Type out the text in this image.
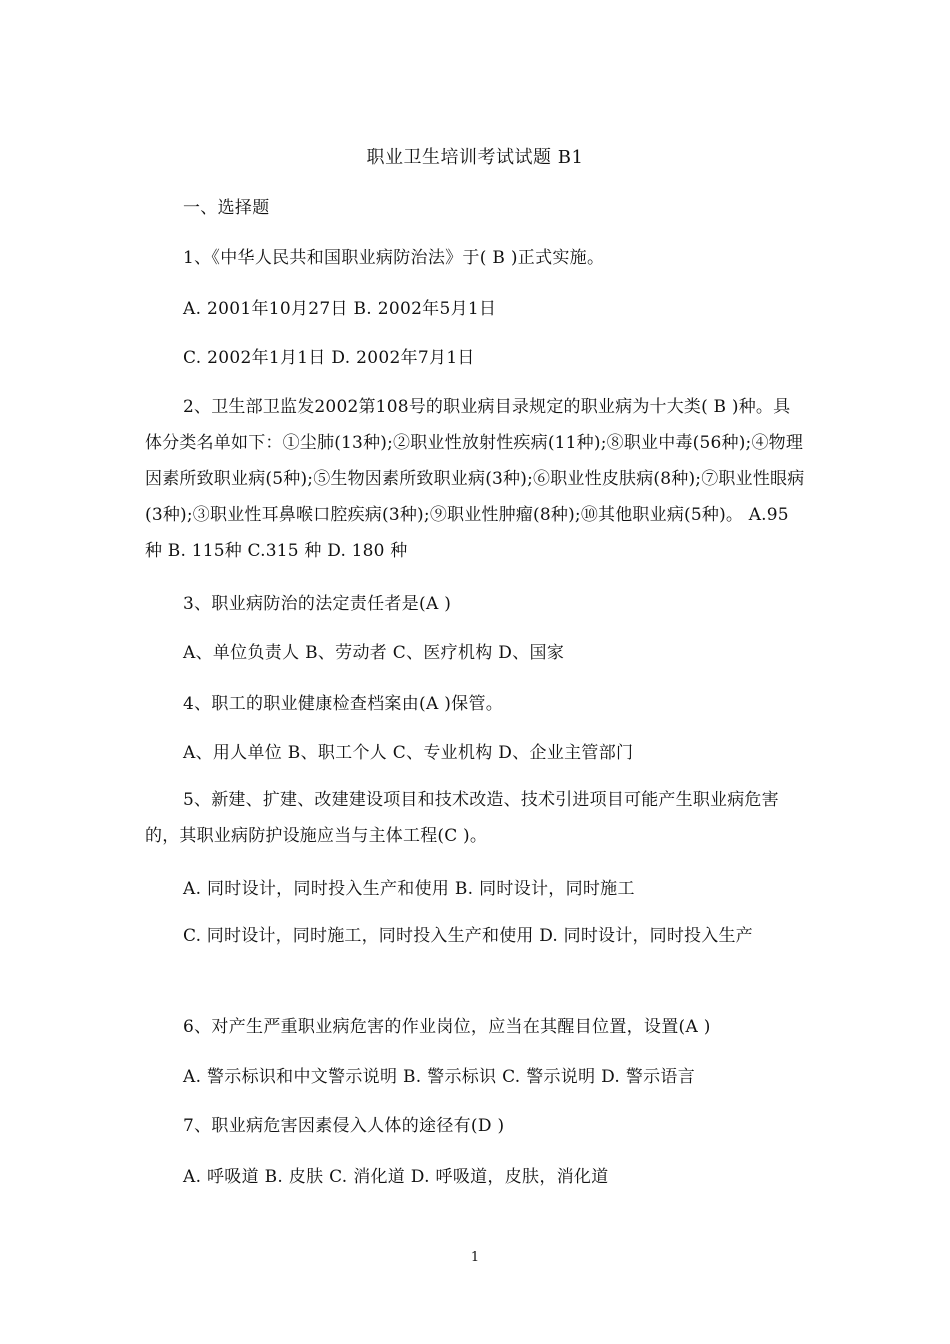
职业卫生培训考试试题 B1
一、选择题
1、《中华人民共和国职业病防治法》于( B )正式实施。
A. 2001年10月27日 B. 2002年5月1日
C. 2002年1月1日 D. 2002年7月1日
2、卫生部卫监发2002第108号的职业病目录规定的职业病为十大类( B )种。具体分类名单如下：①尘肺(13种);②职业性放射性疾病(11种);⑧职业中毒(56种);④物理因素所致职业病(5种);⑤生物因素所致职业病(3种);⑥职业性皮肤病(8种);⑦职业性眼病(3种);③职业性耳鼻喉口腔疾病(3种);⑨职业性肿瘤(8种);⑩其他职业病(5种)。 A.95种 B. 115种 C.315 种 D. 180 种
3、职业病防治的法定责任者是(A )
A、单位负责人 B、劳动者 C、医疗机构 D、国家
4、职工的职业健康检查档案由(A )保管。
A、用人单位 B、职工个人 C、专业机构 D、企业主管部门
5、新建、扩建、改建建设项目和技术改造、技术引进项目可能产生职业病危害的，其职业病防护设施应当与主体工程(C )。
A. 同时设计，同时投入生产和使用 B. 同时设计，同时施工
C. 同时设计，同时施工，同时投入生产和使用 D. 同时设计，同时投入生产
6、对产生严重职业病危害的作业岗位，应当在其醒目位置，设置(A )
A. 警示标识和中文警示说明 B. 警示标识 C. 警示说明 D. 警示语言
7、职业病危害因素侵入人体的途径有(D )
A. 呼吸道 B. 皮肤 C. 消化道 D. 呼吸道，皮肤，消化道
1
